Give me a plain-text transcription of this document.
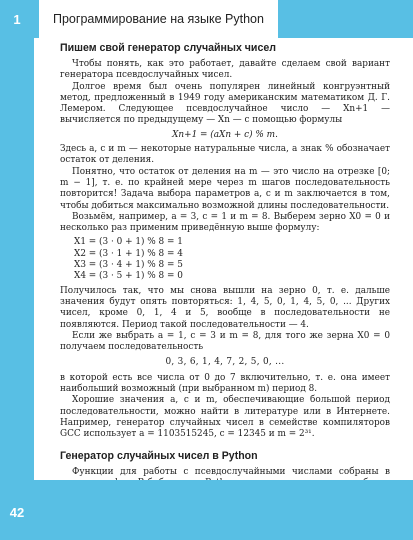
1	Программирование на языке Python
Пишем свой генератор случайных чисел

Чтобы понять, как это работает, давайте сделаем свой вариант генератора псевдослучайных чисел.

Долгое время был очень популярен линейный конгруэнтный метод, предложенный в 1949 году американским математиком Д. Г. Лемером. Следующее псевдослучайное число — Xn+1 — вычисляется по предыдущему — Xn — с помощью формулы

Xn+1 = (aXn + c) % m.

Здесь a, c и m — некоторые натуральные числа, а знак % обозначает остаток от деления.

Понятно, что остаток от деления на m — это число на отрезке [0; m − 1], т. е. по крайней мере через m шагов последовательность повторится! Задача выбора параметров a, c и m заключается в том, чтобы добиться максимально возможной длины последовательности.

Возьмём, например, a = 3, c = 1 и m = 8. Выберем зерно X0 = 0 и несколько раз применим приведённую выше формулу:

X1 = (3 · 0 + 1) % 8 = 1
X2 = (3 · 1 + 1) % 8 = 4
X3 = (3 · 4 + 1) % 8 = 5
X4 = (3 · 5 + 1) % 8 = 0

Получилось так, что мы снова вышли на зерно 0, т. е. дальше значения будут опять повторяться: 1, 4, 5, 0, 1, 4, 5, 0, ... Других чисел, кроме 0, 1, 4 и 5, вообще в последовательности не появляются. Период такой последовательности — 4.

Если же выбрать a = 1, c = 3 и m = 8, для того же зерна X0 = 0 получаем последовательность

0, 3, 6, 1, 4, 7, 2, 5, 0, ...

в которой есть все числа от 0 до 7 включительно, т. е. она имеет наибольший возможный (при выбранном m) период 8.

Хорошие значения a, c и m, обеспечивающие большой период последовательности, можно найти в литературе или в Интернете. Например, генератор случайных чисел в семействе компиляторов GCC использует a = 1103515245, c = 12345 и m = 2³¹.

Генератор случайных чисел в Python

Функции для работы с псевдослучайными числами собраны в

42
